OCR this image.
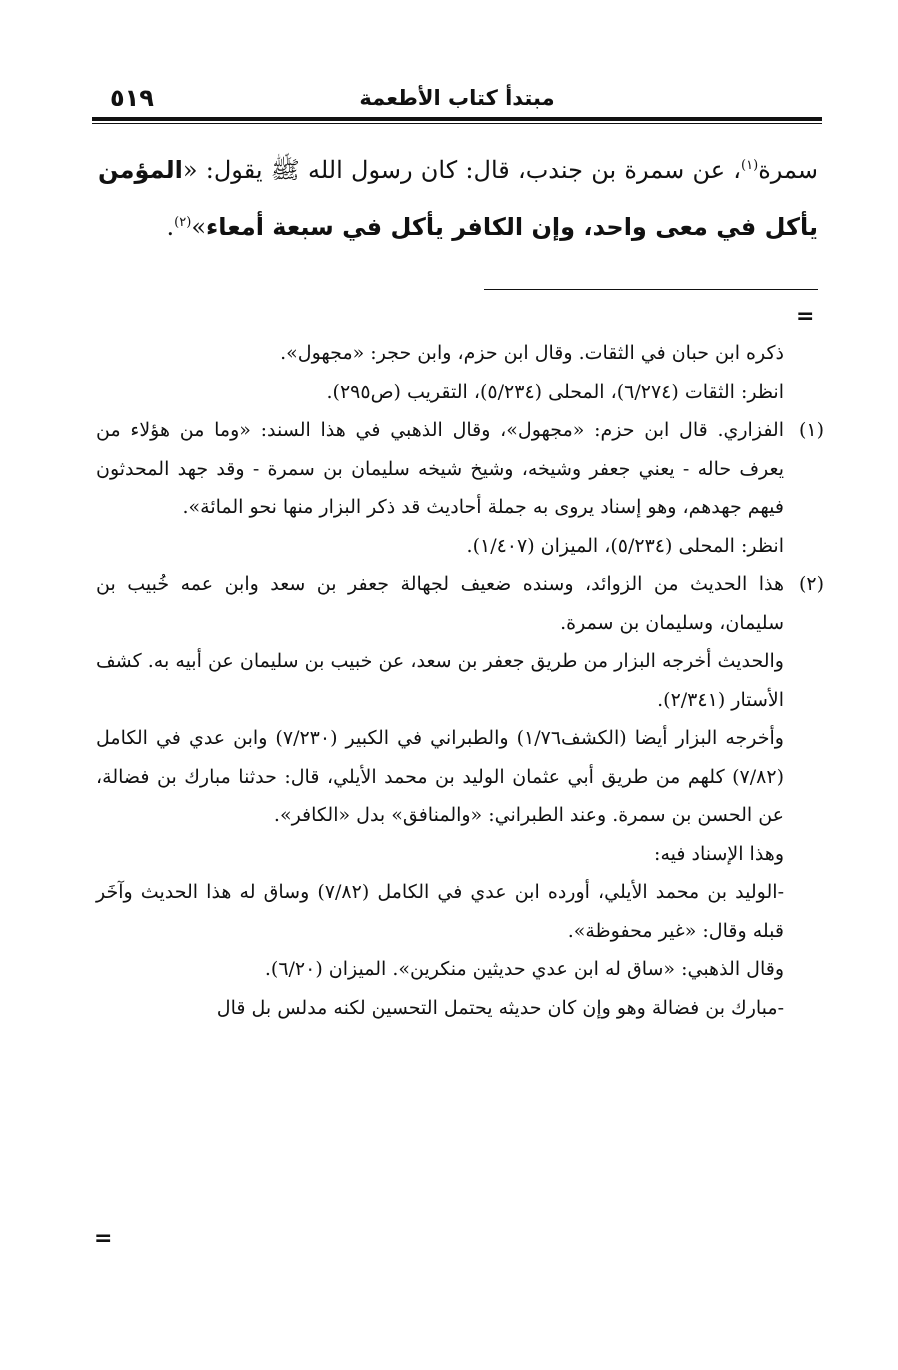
مبتدأ كتاب الأطعمة
٥١٩
سمرة$^{(١)}$، عن سمرة بن جندب، قال: كان رسول الله ﷺ يقول: «المؤمن يأكل في معى واحد، وإن الكافر يأكل في سبعة أمعاء»$^{(٢)}$.
=
ذكره ابن حبان في الثقات. وقال ابن حزم، وابن حجر: «مجهول».
انظر: الثقات (٦/٢٧٤)، المحلى (٥/٢٣٤)، التقريب (ص٢٩٥).
(١)الفزاري. قال ابن حزم: «مجهول»، وقال الذهبي في هذا السند: «وما من هؤلاء من يعرف حاله - يعني جعفر وشيخه، وشيخ شيخه سليمان بن سمرة - وقد جهد المحدثون فيهم جهدهم، وهو إسناد يروى به جملة أحاديث قد ذكر البزار منها نحو المائة».
انظر: المحلى (٥/٢٣٤)، الميزان (١/٤٠٧).
(٢)هذا الحديث من الزوائد، وسنده ضعيف لجهالة جعفر بن سعد وابن عمه خُبيب بن سليمان، وسليمان بن سمرة.
والحديث أخرجه البزار من طريق جعفر بن سعد، عن خبيب بن سليمان عن أبيه به. كشف الأستار (٢/٣٤١).
وأخرجه البزار أيضا (الكشف١/٧٦) والطبراني في الكبير (٧/٢٣٠) وابن عدي في الكامل (٧/٨٢) كلهم من طريق أبي عثمان الوليد بن محمد الأيلي، قال: حدثنا مبارك بن فضالة، عن الحسن بن سمرة. وعند الطبراني: «والمنافق» بدل «الكافر».
وهذا الإسناد فيه:
-الوليد بن محمد الأيلي، أورده ابن عدي في الكامل (٧/٨٢) وساق له هذا الحديث وآخَر قبله وقال: «غير محفوظة».
وقال الذهبي: «ساق له ابن عدي حديثين منكرين». الميزان (٦/٢٠).
-مبارك بن فضالة وهو وإن كان حديثه يحتمل التحسين لكنه مدلس بل قال
=
